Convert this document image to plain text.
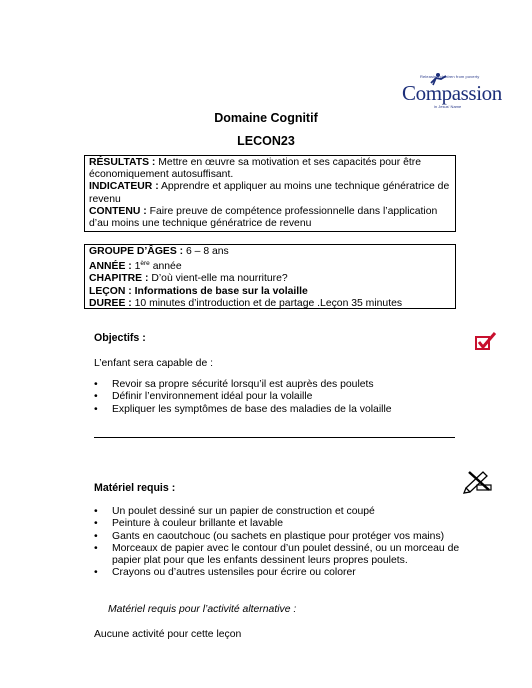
Releasing children from poverty
Compassion
in Jesus' Name
Domaine Cognitif
LECON23
RÉSULTATS : Mettre en œuvre sa motivation et ses capacités pour être économiquement autosuffisant.
INDICATEUR : Apprendre et appliquer au moins une technique génératrice de revenu
CONTENU : Faire preuve de compétence professionnelle dans l’application d’au moins une technique génératrice de revenu
GROUPE D’ÂGES : 6 – 8 ans
ANNÉE : 1ère année
CHAPITRE : D’où vient-elle ma nourriture?
LEÇON : Informations de base sur la volaille
DUREE : 10 minutes d’introduction et de partage .Leçon 35 minutes
Objectifs :
L’enfant sera capable de :
• Revoir sa propre sécurité lorsqu’il est auprès des poulets
• Définir l’environnement idéal pour la volaille
• Expliquer les symptômes de base des maladies de la volaille
Matériel requis :
• Un poulet dessiné sur un papier de construction et coupé
• Peinture à couleur brillante et lavable
• Gants en caoutchouc (ou sachets en plastique pour protéger vos mains)
• Morceaux de papier avec le contour d’un poulet dessiné, ou un morceau de papier plat pour que les enfants dessinent leurs propres poulets.
• Crayons ou d’autres ustensiles pour écrire ou colorer
Matériel requis pour l’activité alternative :
Aucune activité pour cette leçon
